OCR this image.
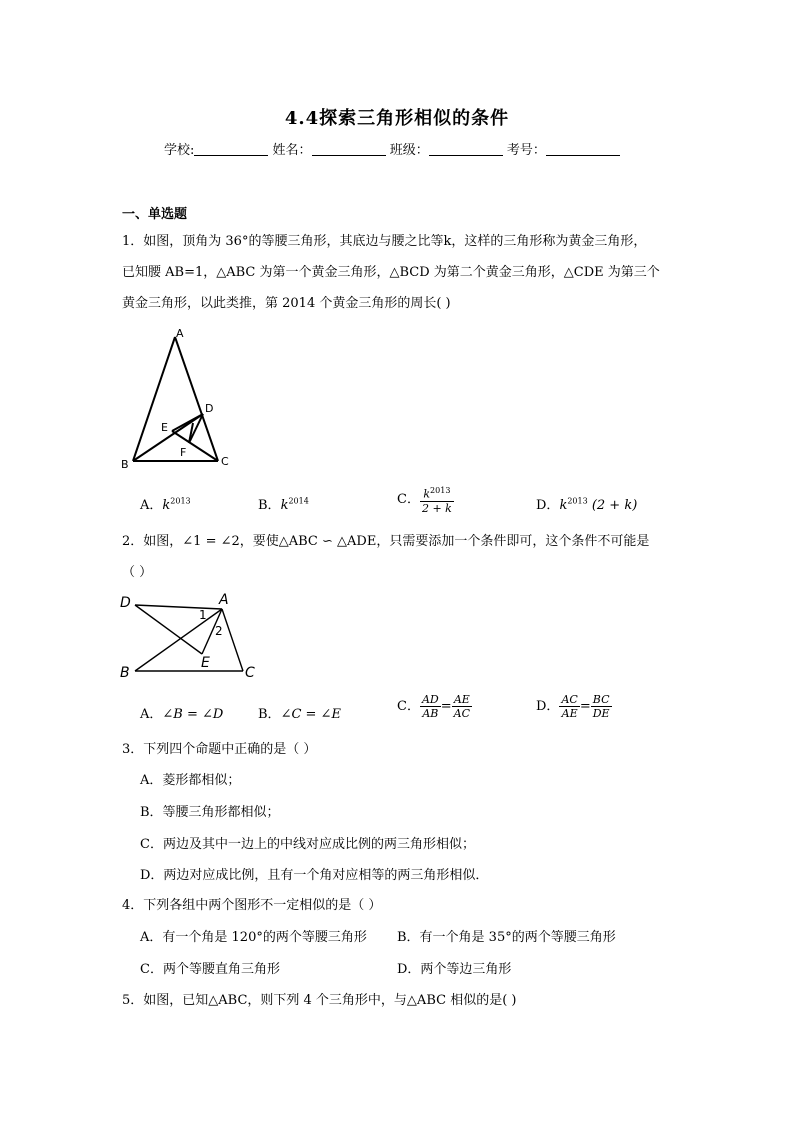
4.4探索三角形相似的条件
学校:	姓名：	班级：	考号：
一、单选题
1．如图，顶角为 36°的等腰三角形，其底边与腰之比等k，这样的三角形称为黄金三角形，
已知腰 AB=1，△ABC 为第一个黄金三角形，△BCD 为第二个黄金三角形，△CDE 为第三个
黄金三角形，以此类推，第 2014 个黄金三角形的周长( )
A
B	C
D
E
F
A．$k^{2013}$	B．$k^{2014}$	C． $\frac{k^{2013}}{2 + k}$	D．$k^{2013}$ (2 + k)
2．如图，∠1 = ∠2，要使△ABC ∽ △ADE，只需要添加一个条件即可，这个条件不可能是
（ ）
D	A
1
2
E
B	C
A．∠B = ∠D	B．∠C = ∠E
C． $\frac{AD}{AB} = \frac{AE}{AC}$	D． $\frac{AC}{AE} = \frac{BC}{DE}$
3．下列四个命题中正确的是（ ）
A．菱形都相似；
B．等腰三角形都相似；
C．两边及其中一边上的中线对应成比例的两三角形相似；
D．两边对应成比例，且有一个角对应相等的两三角形相似．
4．下列各组中两个图形不一定相似的是（ ）
A．有一个角是 120°的两个等腰三角形 B．有一个角是 35°的两个等腰三角形
C．两个等腰直角三角形	D．两个等边三角形
5．如图，已知△ABC，则下列 4 个三角形中，与△ABC 相似的是( )
